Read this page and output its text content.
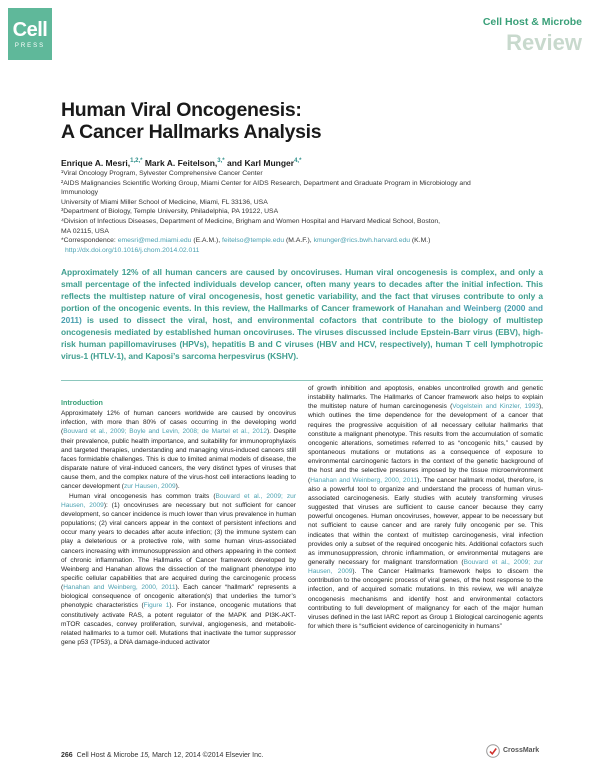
Cell
PRESS
Cell Host & Microbe
Review
Human Viral Oncogenesis:
A Cancer Hallmarks Analysis
Enrique A. Mesri,$^{1,2,*}$ Mark A. Feitelson,$^{3,*}$ and Karl Munger$^{4,*}$
¹Viral Oncology Program, Sylvester Comprehensive Cancer Center
²AIDS Malignancies Scientific Working Group, Miami Center for AIDS Research, Department and Graduate Program in Microbiology and
Immunology
University of Miami Miller School of Medicine, Miami, FL 33136, USA
³Department of Biology, Temple University, Philadelphia, PA 19122, USA
⁴Division of Infectious Diseases, Department of Medicine, Brigham and Women Hospital and Harvard Medical School, Boston,
MA 02115, USA
*Correspondence: emesri@med.miami.edu (E.A.M.), feitelso@temple.edu (M.A.F.), kmunger@rics.bwh.harvard.edu (K.M.)
http://dx.doi.org/10.1016/j.chom.2014.02.011
Approximately 12% of all human cancers are caused by oncoviruses. Human viral oncogenesis is complex, and only a small percentage of the infected individuals develop cancer, often many years to decades after the initial infection. This reflects the multistep nature of viral oncogenesis, host genetic variability, and the fact that viruses contribute to only a portion of the oncogenic events. In this review, the Hallmarks of Cancer framework of Hanahan and Weinberg (2000 and 2011) is used to dissect the viral, host, and environmental cofactors that contribute to the biology of multistep oncogenesis mediated by established human oncoviruses. The viruses discussed include Epstein-Barr virus (EBV), high-risk human papillomaviruses (HPVs), hepatitis B and C viruses (HBV and HCV, respectively), human T cell lymphotropic virus-1 (HTLV-1), and Kaposi’s sarcoma herpesvirus (KSHV).
Introduction

Approximately 12% of human cancers worldwide are caused by oncovirus infection, with more than 80% of cases occurring in the developing world (Bouvard et al., 2009; Boyle and Levin, 2008; de Martel et al., 2012). Despite their prevalence, public health importance, and suitability for immunoprophylaxis and targeted therapies, understanding and managing virus-induced cancers still faces formidable challenges. This is due to limited animal models of disease, the disparate nature of viral-induced cancers, the very distinct types of viruses that cause them, and the complex nature of the virus-host cell interactions leading to cancer development (zur Hausen, 2009).

Human viral oncogenesis has common traits (Bouvard et al., 2009; zur Hausen, 2009): (1) oncoviruses are necessary but not sufficient for cancer development, so cancer incidence is much lower than virus prevalence in human populations; (2) viral cancers appear in the context of persistent infections and occur many years to decades after acute infection; (3) the immune system can play a deleterious or a protective role, with some human virus-associated cancers increasing with immunosuppression and others appearing in the context of chronic inflammation. The Hallmarks of Cancer framework developed by Weinberg and Hanahan allows the dissection of the malignant phenotype into specific cellular capabilities that are acquired during the carcinogenic process (Hanahan and Weinberg, 2000, 2011). Each cancer “hallmark” represents a biological consequence of oncogenic alteration(s) that underlies the tumor’s phenotypic characteristics (Figure 1). For instance, oncogenic mutations that constitutively activate RAS, a potent regulator of the MAPK and PI3K-AKT-mTOR cascades, convey proliferation, survival, angiogenesis, and metabolic-related hallmarks to a tumor cell. Mutations that inactivate the tumor suppressor gene p53 (TP53), a DNA damage-induced activator

of growth inhibition and apoptosis, enables uncontrolled growth and genetic instability hallmarks. The Hallmarks of Cancer framework also helps to explain the multistep nature of human carcinogenesis (Vogelstein and Kinzler, 1993), which outlines the time dependence for the development of a cancer that requires the progressive acquisition of all necessary cellular hallmarks that constitute a malignant phenotype. This results from the accumulation of somatic oncogenic alterations, sometimes referred to as “oncogenic hits,” caused by spontaneous mutations or mutations as a consequence of exposure to environmental carcinogenic factors in the context of the genetic background of the host and the selective pressures imposed by the tissue microenvironment (Hanahan and Weinberg, 2000, 2011). The cancer hallmark model, therefore, is also a powerful tool to organize and understand the process of human virus-associated carcinogenesis. Early studies with acutely transforming viruses suggested that viruses are sufficient to cause cancer because they carry powerful oncogenes. Human oncoviruses, however, appear to be necessary but not sufficient to cause cancer and are rarely fully oncogenic per se. This indicates that within the context of multistep carcinogenesis, viral infection provides only a subset of the required oncogenic hits. Additional cofactors such as immunosuppression, chronic inflammation, or environmental mutagens are generally necessary for malignant transformation (Bouvard et al., 2009; zur Hausen, 2009). The Cancer Hallmarks framework helps to discern the contribution to the oncogenic process of viral genes, of the host response to the infection, and of acquired somatic mutations. In this review, we will analyze oncogenesis mechanisms and identify host and environmental cofactors contributing to full development of malignancy for each of the major human viruses defined in the last IARC report as Group 1 Biological carcinogenic agents for which there is “sufficient evidence of carcinogenicity in humans”

266 Cell Host & Microbe 15, March 12, 2014 ©2014 Elsevier Inc.
CrossMark
